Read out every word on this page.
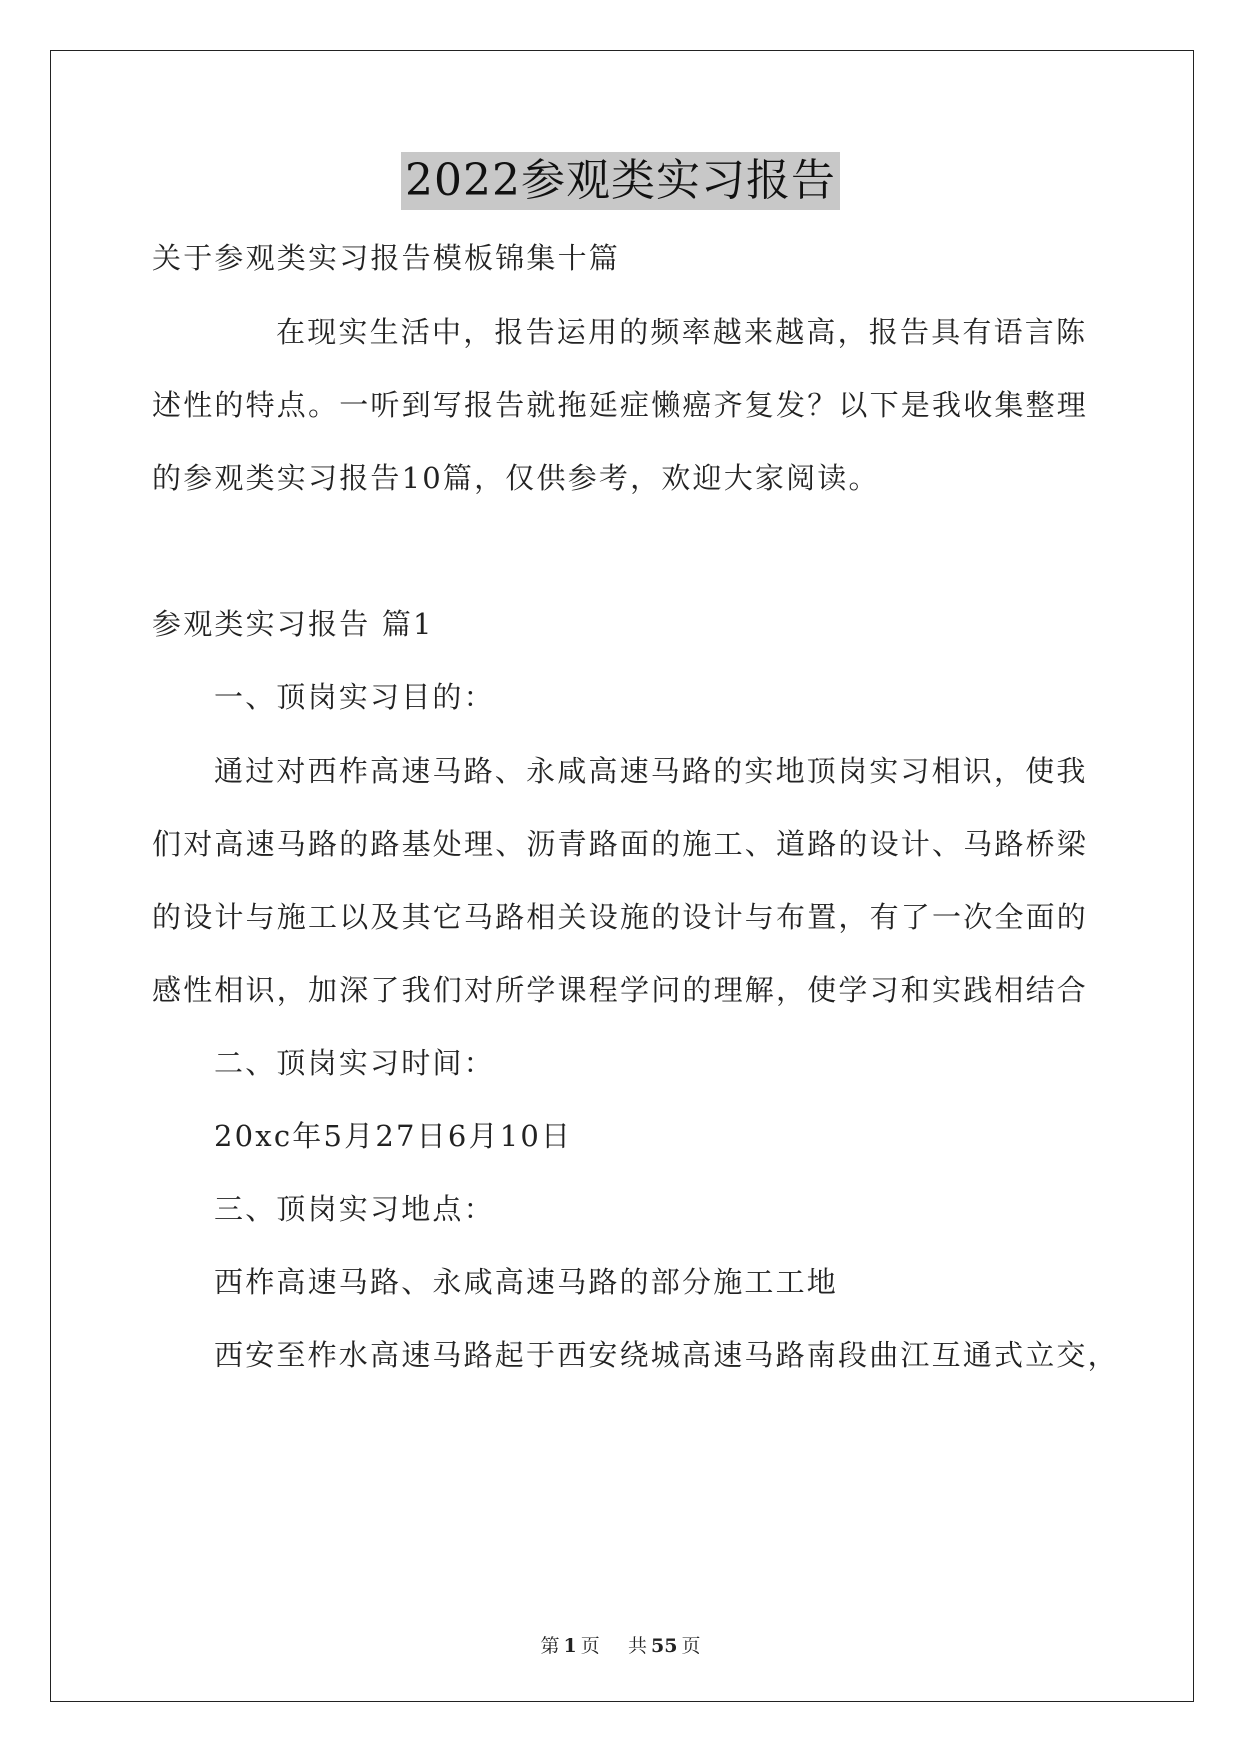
2022参观类实习报告
关于参观类实习报告模板锦集十篇
在现实生活中，报告运用的频率越来越高，报告具有语言陈
述性的特点。一听到写报告就拖延症懒癌齐复发？以下是我收集整理
的参观类实习报告10篇，仅供参考，欢迎大家阅读。
参观类实习报告 篇1
一、顶岗实习目的：
通过对西柞高速马路、永咸高速马路的实地顶岗实习相识，使我
们对高速马路的路基处理、沥青路面的施工、道路的设计、马路桥梁
的设计与施工以及其它马路相关设施的设计与布置，有了一次全面的
感性相识，加深了我们对所学课程学问的理解，使学习和实践相结合
二、顶岗实习时间：
20xc年5月27日6月10日
三、顶岗实习地点：
西柞高速马路、永咸高速马路的部分施工工地
西安至柞水高速马路起于西安绕城高速马路南段曲江互通式立交，
第 1 页 共 55 页
